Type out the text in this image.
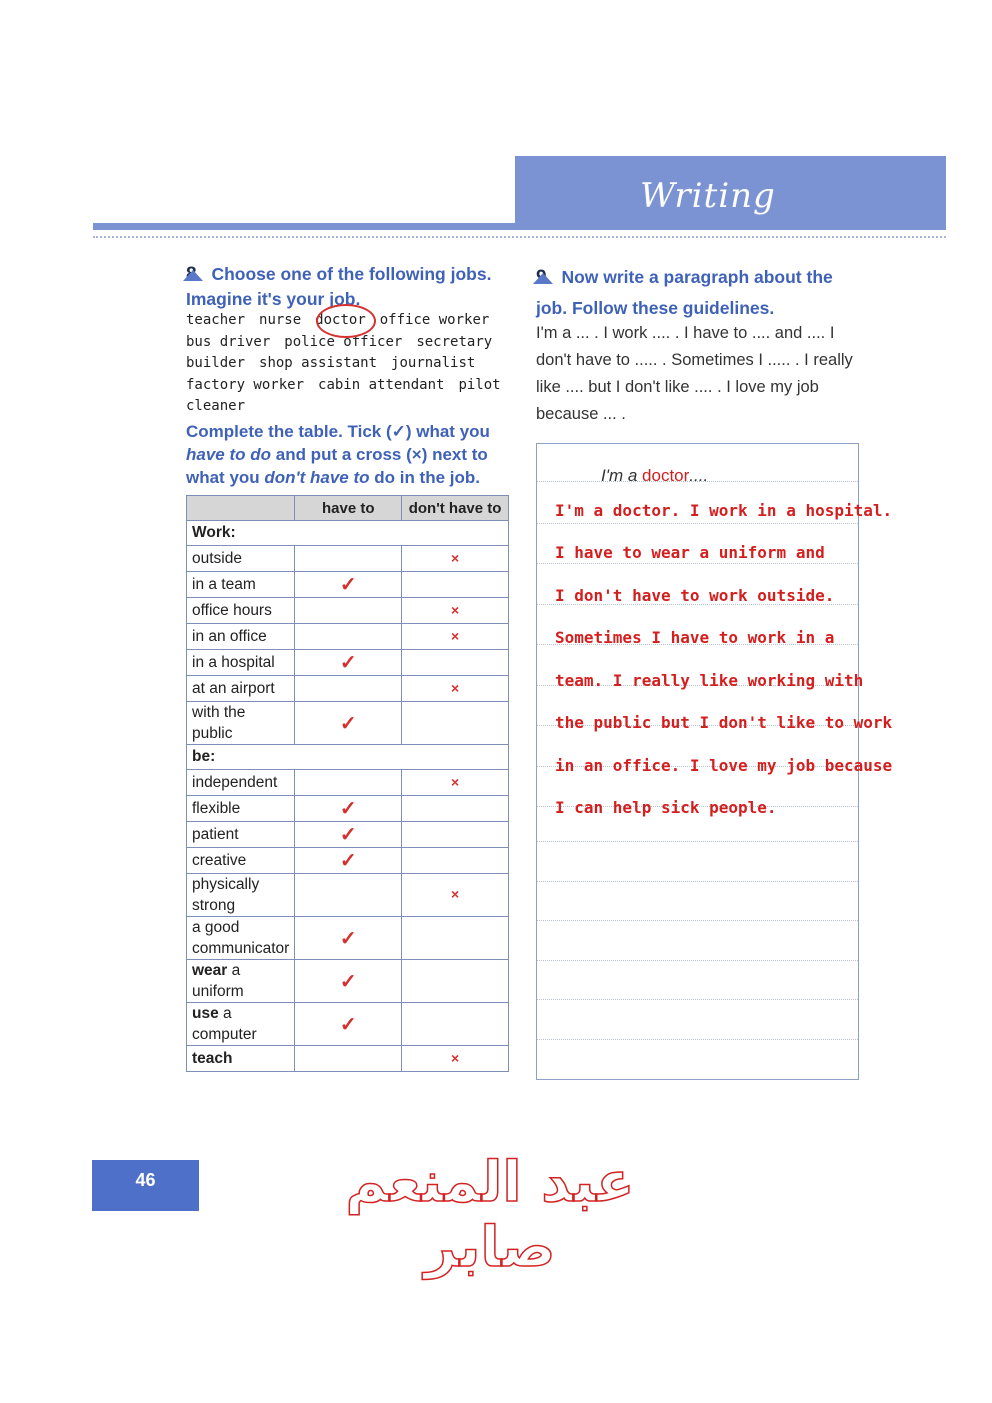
Writing
8 Choose one of the following jobs. Imagine it's your job.
teacher nurse doctor office workerbus driver police officer secretarybuilder shop assistant journalistfactory worker cabin attendant pilotcleaner
Complete the table. Tick (✓) what you have to do and put a cross (×) next to what you don't have to do in the job.
	have to	don't have to
Work:		
outside		×
in a team	✓	
office hours		×
in an office		×
in a hospital	✓	
at an airport		×
with the public	✓	
be:		
independent		×
flexible	✓	
patient	✓	
creative	✓	
physically strong		×
a good communicator	✓	
wear a uniform	✓	
use a computer	✓	
teach		×
9 Now write a paragraph about the job. Follow these guidelines.
I'm a ... . I work .... . I have to .... and .... I don't have to ..... . Sometimes I ..... . I really like .... but I don't like .... . I love my job because ... .
I'm a doctor....
I'm a doctor. I work in a hospital.
I have to wear a uniform and
I don't have to work outside.
Sometimes I have to work in a
team. I really like working with
the public but I don't like to work
in an office. I love my job because
I can help sick people.
46	عبد المنعم صابر
